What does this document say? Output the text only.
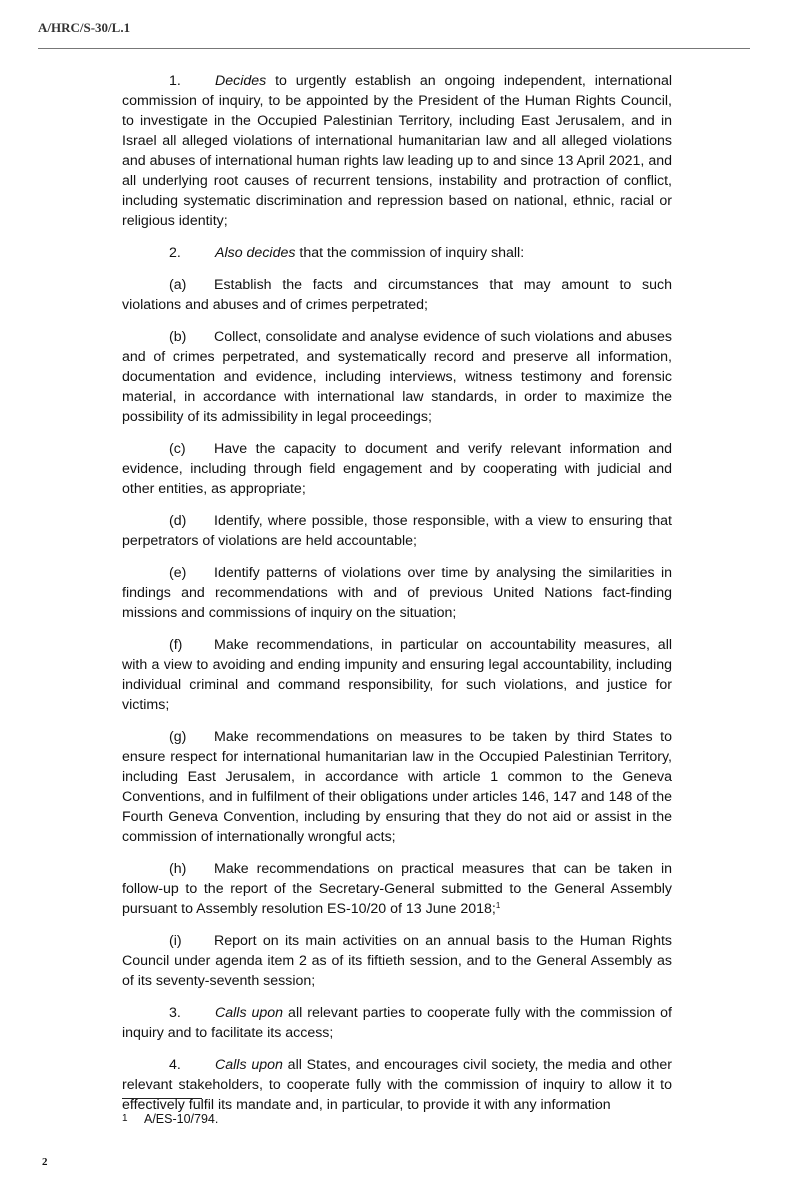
A/HRC/S-30/L.1

1. Decides to urgently establish an ongoing independent, international commission of inquiry, to be appointed by the President of the Human Rights Council, to investigate in the Occupied Palestinian Territory, including East Jerusalem, and in Israel all alleged violations of international humanitarian law and all alleged violations and abuses of international human rights law leading up to and since 13 April 2021, and all underlying root causes of recurrent tensions, instability and protraction of conflict, including systematic discrimination and repression based on national, ethnic, racial or religious identity;

2. Also decides that the commission of inquiry shall:

(a) Establish the facts and circumstances that may amount to such violations and abuses and of crimes perpetrated;

(b) Collect, consolidate and analyse evidence of such violations and abuses and of crimes perpetrated, and systematically record and preserve all information, documentation and evidence, including interviews, witness testimony and forensic material, in accordance with international law standards, in order to maximize the possibility of its admissibility in legal proceedings;

(c) Have the capacity to document and verify relevant information and evidence, including through field engagement and by cooperating with judicial and other entities, as appropriate;

(d) Identify, where possible, those responsible, with a view to ensuring that perpetrators of violations are held accountable;

(e) Identify patterns of violations over time by analysing the similarities in findings and recommendations with and of previous United Nations fact-finding missions and commissions of inquiry on the situation;

(f) Make recommendations, in particular on accountability measures, all with a view to avoiding and ending impunity and ensuring legal accountability, including individual criminal and command responsibility, for such violations, and justice for victims;

(g) Make recommendations on measures to be taken by third States to ensure respect for international humanitarian law in the Occupied Palestinian Territory, including East Jerusalem, in accordance with article 1 common to the Geneva Conventions, and in fulfilment of their obligations under articles 146, 147 and 148 of the Fourth Geneva Convention, including by ensuring that they do not aid or assist in the commission of internationally wrongful acts;

(h) Make recommendations on practical measures that can be taken in follow-up to the report of the Secretary-General submitted to the General Assembly pursuant to Assembly resolution ES-10/20 of 13 June 2018;$^1$

(i) Report on its main activities on an annual basis to the Human Rights Council under agenda item 2 as of its fiftieth session, and to the General Assembly as of its seventy-seventh session;

3. Calls upon all relevant parties to cooperate fully with the commission of inquiry and to facilitate its access;

4. Calls upon all States, and encourages civil society, the media and other relevant stakeholders, to cooperate fully with the commission of inquiry to allow it to effectively fulfil its mandate and, in particular, to provide it with any information

1 A/ES-10/794.
2
